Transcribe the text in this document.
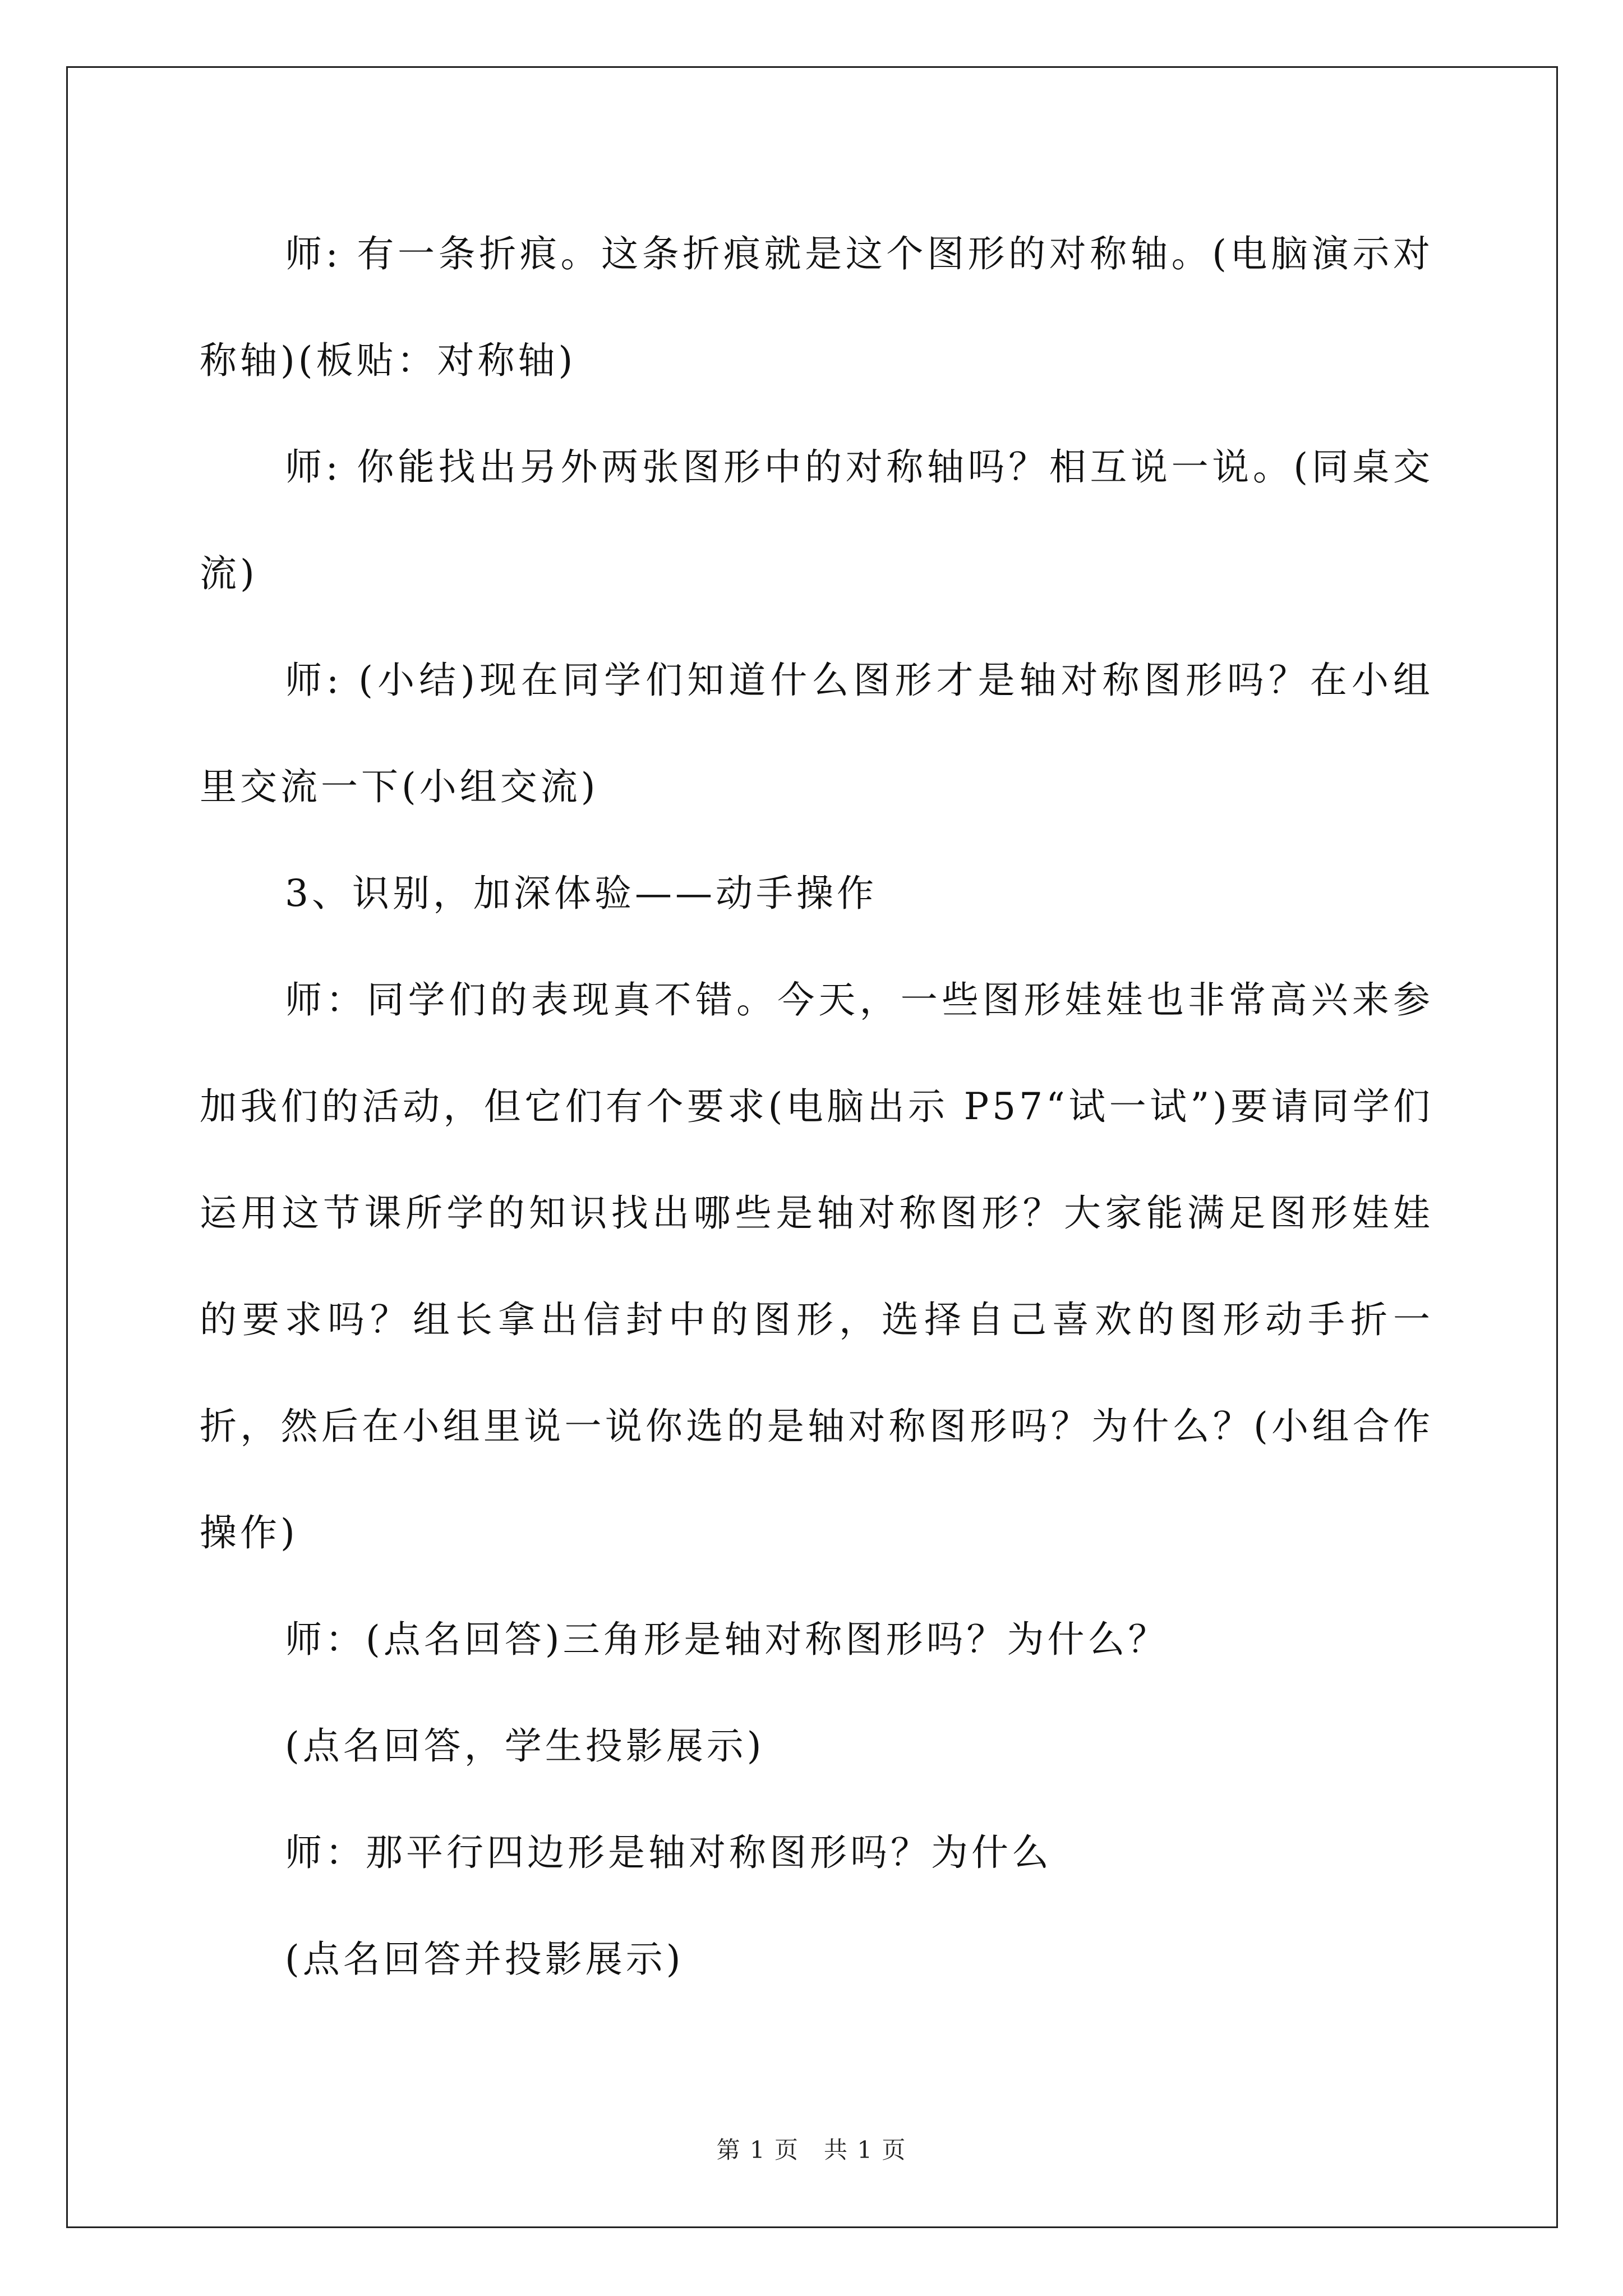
师: 有一条折痕。这条折痕就是这个图形的对称轴。(电脑演示对称轴)(板贴：对称轴)

师: 你能找出另外两张图形中的对称轴吗？相互说一说。(同桌交流)

师: (小结)现在同学们知道什么图形才是轴对称图形吗？在小组里交流一下(小组交流)

3、识别，加深体验——动手操作

师：同学们的表现真不错。今天，一些图形娃娃也非常高兴来参加我们的活动，但它们有个要求(电脑出示 P57“试一试”)要请同学们运用这节课所学的知识找出哪些是轴对称图形？大家能满足图形娃娃的要求吗？组长拿出信封中的图形，选择自己喜欢的图形动手折一折，然后在小组里说一说你选的是轴对称图形吗？为什么？(小组合作操作)

师：(点名回答)三角形是轴对称图形吗？为什么？

(点名回答，学生投影展示)

师：那平行四边形是轴对称图形吗？为什么

(点名回答并投影展示)

第 1 页　共 1 页
